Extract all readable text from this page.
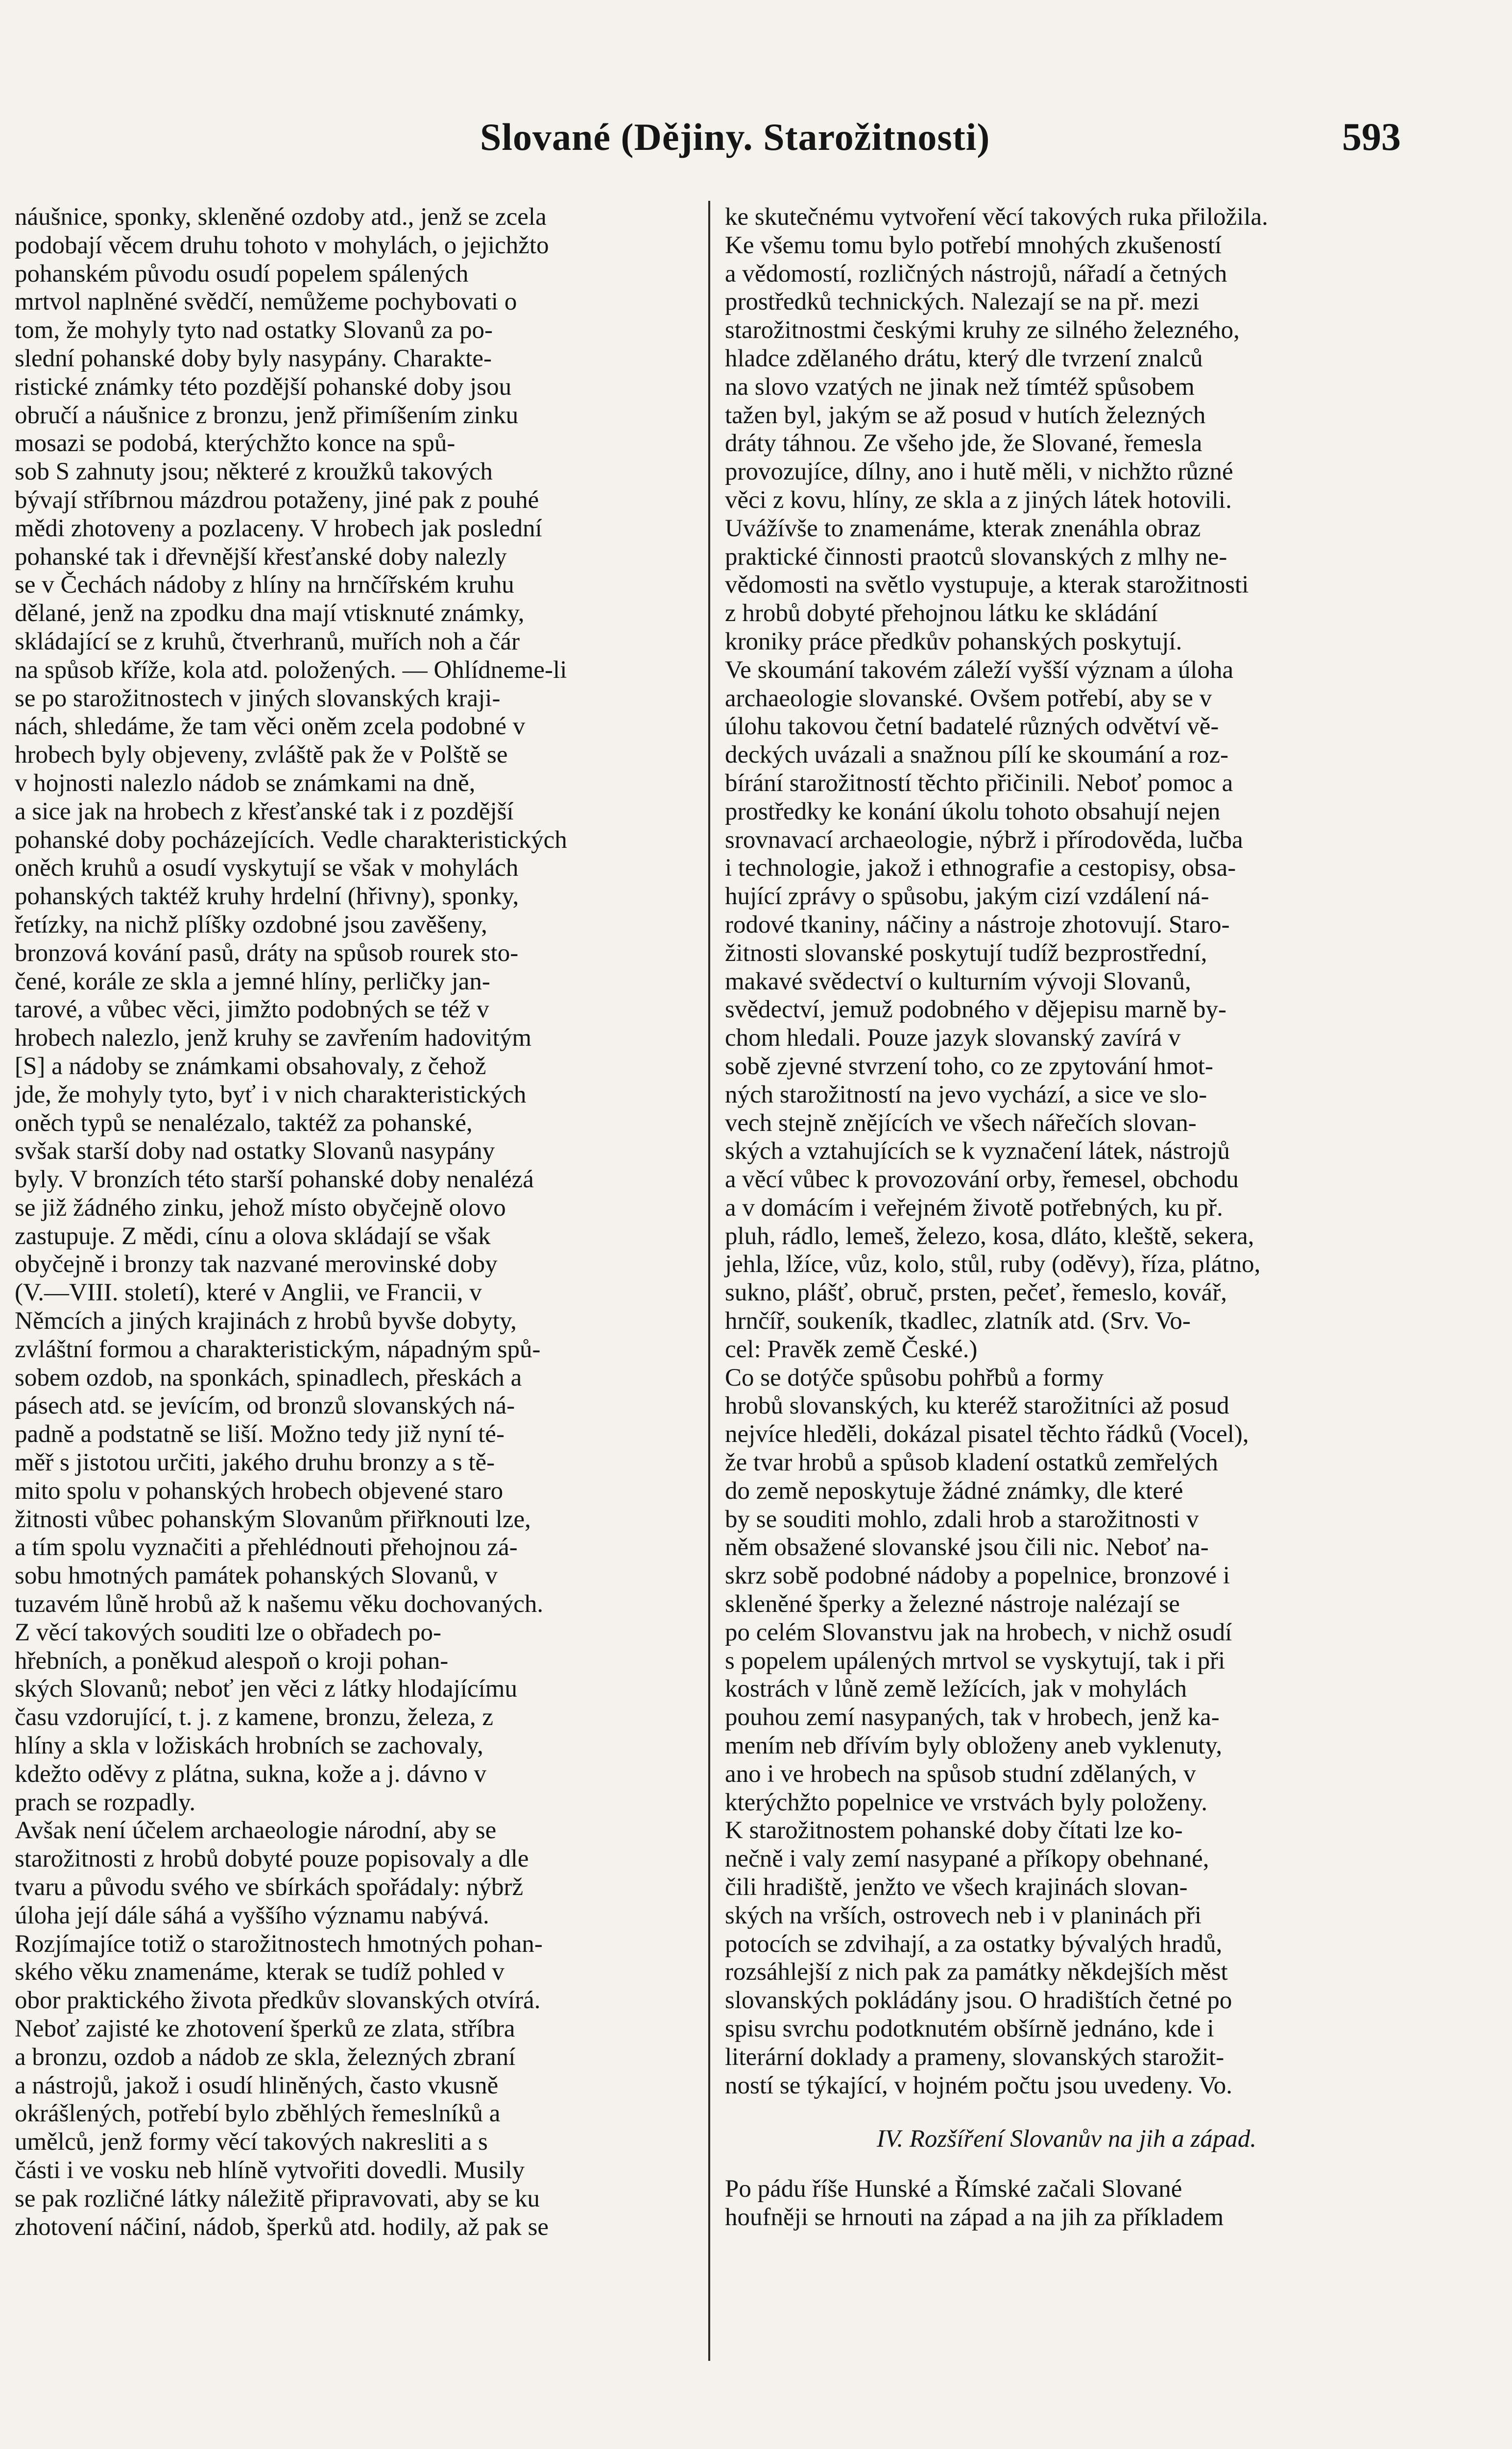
Slované (Dějiny. Starožitnosti)	593

náušnice, sponky, skleněné ozdoby atd., jenž se zcela
podobají věcem druhu tohoto v mohylách, o jejichžto
pohanském původu osudí popelem spálených
mrtvol naplněné svědčí, nemůžeme pochybovati o
tom, že mohyly tyto nad ostatky Slovanů za po-
slední pohanské doby byly nasypány. Charakte-
ristické známky této pozdější pohanské doby jsou
obručí a náušnice z bronzu, jenž přimíšením zinku
mosazi se podobá, kterýchžto konce na spů-
sob S zahnuty jsou; některé z kroužků takových
bývají stříbrnou mázdrou potaženy, jiné pak z pouhé
mědi zhotoveny a pozlaceny. V hrobech jak poslední
pohanské tak i dřevnější křesťanské doby nalezly
se v Čechách nádoby z hlíny na hrnčířském kruhu
dělané, jenž na zpodku dna mají vtisknuté známky,
skládající se z kruhů, čtverhranů, muřích noh a čár
na spůsob kříže, kola atd. položených. — Ohlídneme-li
se po starožitnostech v jiných slovanských kraji-
nách, shledáme, že tam věci oněm zcela podobné v
hrobech byly objeveny, zvláště pak že v Polště se
v hojnosti nalezlo nádob se známkami na dně,
a sice jak na hrobech z křesťanské tak i z pozdější
pohanské doby pocházejících. Vedle charakteristických
oněch kruhů a osudí vyskytují se však v mohylách
pohanských taktéž kruhy hrdelní (hřivny), sponky,
řetízky, na nichž plíšky ozdobné jsou zavěšeny,
bronzová kování pasů, dráty na spůsob rourek sto-
čené, korále ze skla a jemné hlíny, perličky jan-
tarové, a vůbec věci, jimžto podobných se též v
hrobech nalezlo, jenž kruhy se zavřením hadovitým
[S] a nádoby se známkami obsahovaly, z čehož
jde, že mohyly tyto, byť i v nich charakteristických
oněch typů se nenalézalo, taktéž za pohanské,
svšak starší doby nad ostatky Slovanů nasypány
byly. V bronzích této starší pohanské doby nenalézá
se již žádného zinku, jehož místo obyčejně olovo
zastupuje. Z mědi, cínu a olova skládají se však
obyčejně i bronzy tak nazvané merovinské doby
(V.—VIII. století), které v Anglii, ve Francii, v
Němcích a jiných krajinách z hrobů byvše dobyty,
zvláštní formou a charakteristickým, nápadným spů-
sobem ozdob, na sponkách, spinadlech, přeskách a
pásech atd. se jevícím, od bronzů slovanských ná-
padně a podstatně se liší. Možno tedy již nyní té-
měř s jistotou určiti, jakého druhu bronzy a s tě-
mito spolu v pohanských hrobech objevené staro
žitnosti vůbec pohanským Slovanům přiřknouti lze,
a tím spolu vyznačiti a přehlédnouti přehojnou zá-
sobu hmotných památek pohanských Slovanů, v
tuzavém lůně hrobů až k našemu věku dochovaných.
Z věcí takových souditi lze o obřadech po-
hřebních, a poněkud alespoň o kroji pohan-
ských Slovanů; neboť jen věci z látky hlodajícímu
času vzdorující, t. j. z kamene, bronzu, železa, z
hlíny a skla v ložiskách hrobních se zachovaly,
kdežto oděvy z plátna, sukna, kože a j. dávno v
prach se rozpadly.

Avšak není účelem archaeologie národní, aby se
starožitnosti z hrobů dobyté pouze popisovaly a dle
tvaru a původu svého ve sbírkách spořádaly: nýbrž
úloha její dále sáhá a vyššího významu nabývá.
Rozjímajíce totiž o starožitnostech hmotných pohan-
ského věku znamenáme, kterak se tudíž pohled v
obor praktického života předkův slovanských otvírá.
Neboť zajisté ke zhotovení šperků ze zlata, stříbra
a bronzu, ozdob a nádob ze skla, železných zbraní
a nástrojů, jakož i osudí hliněných, často vkusně
okrášlených, potřebí bylo zběhlých řemeslníků a
umělců, jenž formy věcí takových nakresliti a s
části i ve vosku neb hlíně vytvořiti dovedli. Musily
se pak rozličné látky náležitě připravovati, aby se ku
zhotovení náčiní, nádob, šperků atd. hodily, až pak se

ke skutečnému vytvoření věcí takových ruka přiložila.
Ke všemu tomu bylo potřebí mnohých zkušeností
a vědomostí, rozličných nástrojů, nářadí a četných
prostředků technických. Nalezají se na př. mezi
starožitnostmi českými kruhy ze silného železného,
hladce zdělaného drátu, který dle tvrzení znalců
na slovo vzatých ne jinak než tímtéž spůsobem
tažen byl, jakým se až posud v hutích železných
dráty táhnou. Ze všeho jde, že Slované, řemesla
provozujíce, dílny, ano i hutě měli, v nichžto různé
věci z kovu, hlíny, ze skla a z jiných látek hotovili.

Uvážívše to znamenáme, kterak znenáhla obraz
praktické činnosti praotců slovanských z mlhy ne-
vědomosti na světlo vystupuje, a kterak starožitnosti
z hrobů dobyté přehojnou látku ke skládání
kroniky práce předkův pohanských poskytují.
Ve skoumání takovém záleží vyšší význam a úloha
archaeologie slovanské. Ovšem potřebí, aby se v
úlohu takovou četní badatelé různých odvětví vě-
deckých uvázali a snažnou pílí ke skoumání a roz-
bírání starožitností těchto přičinili. Neboť pomoc a
prostředky ke konání úkolu tohoto obsahují nejen
srovnavací archaeologie, nýbrž i přírodověda, lučba
i technologie, jakož i ethnografie a cestopisy, obsa-
hující zprávy o spůsobu, jakým cizí vzdálení ná-
rodové tkaniny, náčiny a nástroje zhotovují. Staro-
žitnosti slovanské poskytují tudíž bezprostřední,
makavé svědectví o kulturním vývoji Slovanů,
svědectví, jemuž podobného v dějepisu marně by-
chom hledali. Pouze jazyk slovanský zavírá v
sobě zjevné stvrzení toho, co ze zpytování hmot-
ných starožitností na jevo vychází, a sice ve slo-
vech stejně znějících ve všech nářečích slovan-
ských a vztahujících se k vyznačení látek, nástrojů
a věcí vůbec k provozování orby, řemesel, obchodu
a v domácím i veřejném životě potřebných, ku př.
pluh, rádlo, lemeš, železo, kosa, dláto, kleště, sekera,
jehla, lžíce, vůz, kolo, stůl, ruby (oděvy), říza, plátno,
sukno, plášť, obruč, prsten, pečeť, řemeslo, kovář,
hrnčíř, soukeník, tkadlec, zlatník atd. (Srv. Vo-
cel: Pravěk země České.)

Co se dotýče spůsobu pohřbů a formy
hrobů slovanských, ku kteréž starožitníci až posud
nejvíce hleděli, dokázal pisatel těchto řádků (Vocel),
že tvar hrobů a spůsob kladení ostatků zemřelých
do země neposkytuje žádné známky, dle které
by se souditi mohlo, zdali hrob a starožitnosti v
něm obsažené slovanské jsou čili nic. Neboť na-
skrz sobě podobné nádoby a popelnice, bronzové i
skleněné šperky a železné nástroje nalézají se
po celém Slovanstvu jak na hrobech, v nichž osudí
s popelem upálených mrtvol se vyskytují, tak i při
kostrách v lůně země ležících, jak v mohylách
pouhou zemí nasypaných, tak v hrobech, jenž ka-
mením neb dřívím byly obloženy aneb vyklenuty,
ano i ve hrobech na spůsob studní zdělaných, v
kterýchžto popelnice ve vrstvách byly položeny.

K starožitnostem pohanské doby čítati lze ko-
nečně i valy zemí nasypané a příkopy obehnané,
čili hradiště, jenžto ve všech krajinách slovan-
ských na vrších, ostrovech neb i v planinách při
potocích se zdvihají, a za ostatky bývalých hradů,
rozsáhlejší z nich pak za památky někdejších měst
slovanských pokládány jsou. O hradištích četné po
spisu svrchu podotknutém obšírně jednáno, kde i
literární doklady a prameny, slovanských starožit-
ností se týkající, v hojném počtu jsou uvedeny. Vo.

IV. Rozšíření Slovanův na jih a západ.

Po pádu říše Hunské a Římské začali Slované
houfněji se hrnouti na západ a na jih za příkladem
